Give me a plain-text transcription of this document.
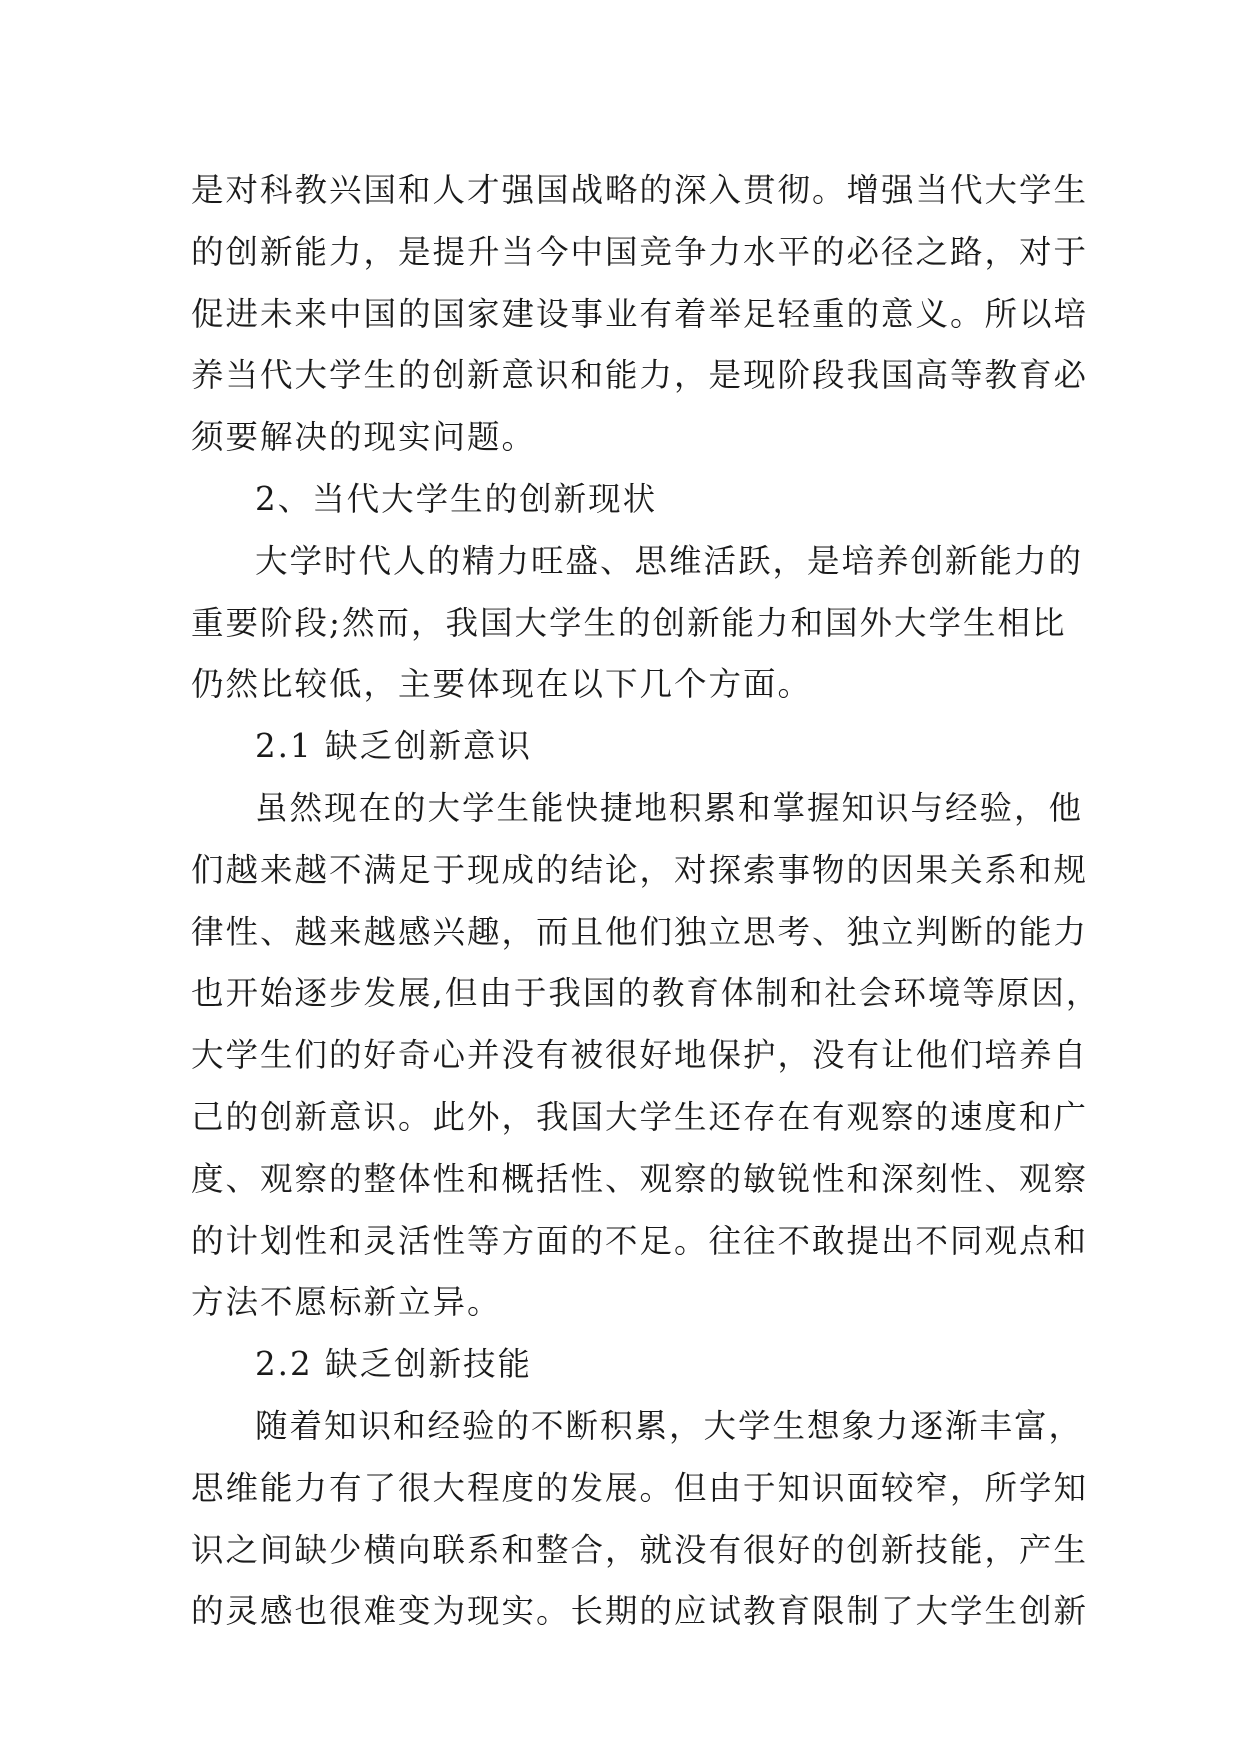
是对科教兴国和人才强国战略的深入贯彻。增强当代大学生
的创新能力，是提升当今中国竞争力水平的必径之路，对于
促进未来中国的国家建设事业有着举足轻重的意义。所以培
养当代大学生的创新意识和能力，是现阶段我国高等教育必
须要解决的现实问题。
2、当代大学生的创新现状
大学时代人的精力旺盛、思维活跃，是培养创新能力的
重要阶段;然而，我国大学生的创新能力和国外大学生相比
仍然比较低，主要体现在以下几个方面。
2.1 缺乏创新意识
虽然现在的大学生能快捷地积累和掌握知识与经验，他
们越来越不满足于现成的结论，对探索事物的因果关系和规
律性、越来越感兴趣，而且他们独立思考、独立判断的能力
也开始逐步发展,但由于我国的教育体制和社会环境等原因，
大学生们的好奇心并没有被很好地保护，没有让他们培养自
己的创新意识。此外，我国大学生还存在有观察的速度和广
度、观察的整体性和概括性、观察的敏锐性和深刻性、观察
的计划性和灵活性等方面的不足。往往不敢提出不同观点和
方法不愿标新立异。
2.2 缺乏创新技能
随着知识和经验的不断积累，大学生想象力逐渐丰富，
思维能力有了很大程度的发展。但由于知识面较窄，所学知
识之间缺少横向联系和整合，就没有很好的创新技能，产生
的灵感也很难变为现实。长期的应试教育限制了大学生创新
